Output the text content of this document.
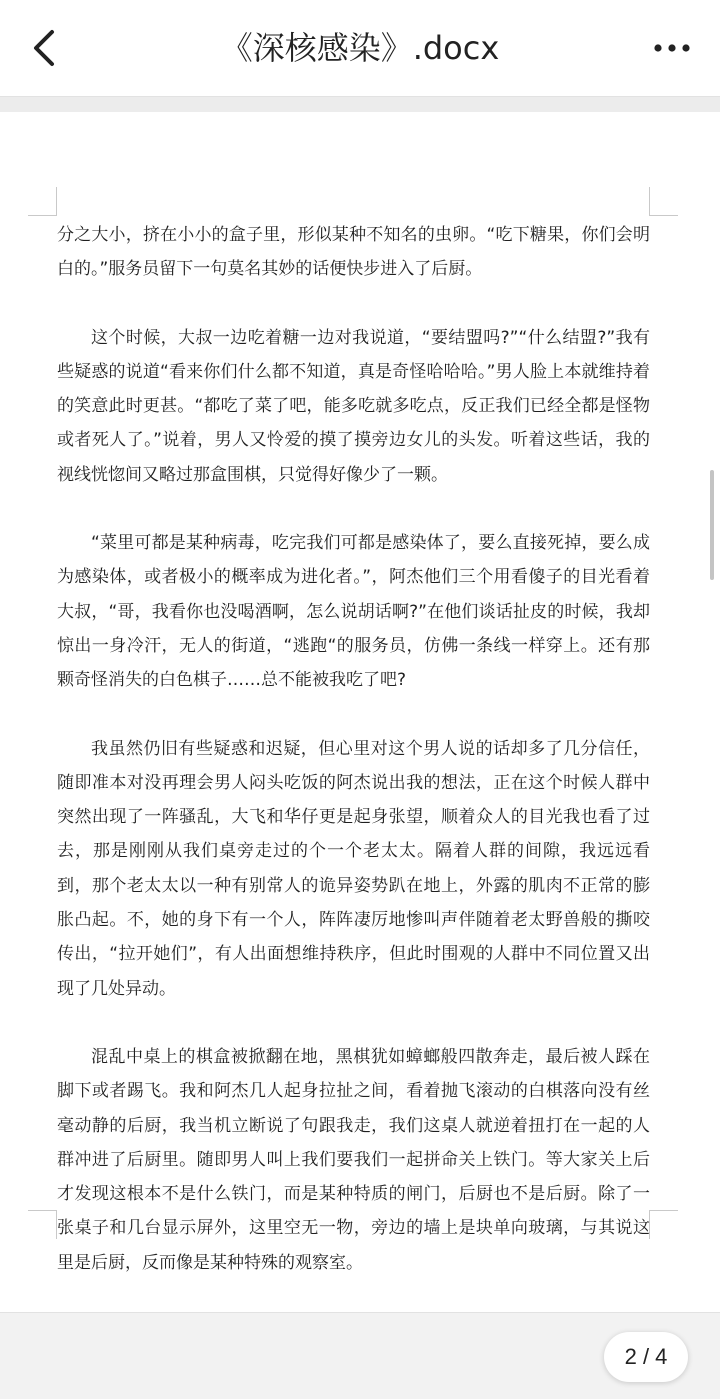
《深核感染》.docx

分之大小，挤在小小的盒子里，形似某种不知名的虫卵。“吃下糖果，你们会明白的。”服务员留下一句莫名其妙的话便快步进入了后厨。

这个时候，大叔一边吃着糖一边对我说道，“要结盟吗?”“什么结盟?”我有些疑惑的说道“看来你们什么都不知道，真是奇怪哈哈哈。”男人脸上本就维持着的笑意此时更甚。“都吃了菜了吧，能多吃就多吃点，反正我们已经全都是怪物或者死人了。”说着，男人又怜爱的摸了摸旁边女儿的头发。听着这些话，我的视线恍惚间又略过那盒围棋，只觉得好像少了一颗。

“菜里可都是某种病毒，吃完我们可都是感染体了，要么直接死掉，要么成为感染体，或者极小的概率成为进化者。”，阿杰他们三个用看傻子的目光看着大叔，“哥，我看你也没喝酒啊，怎么说胡话啊?”在他们谈话扯皮的时候，我却惊出一身冷汗，无人的街道，“逃跑“的服务员，仿佛一条线一样穿上。还有那颗奇怪消失的白色棋子……总不能被我吃了吧?

我虽然仍旧有些疑惑和迟疑，但心里对这个男人说的话却多了几分信任，随即准本对没再理会男人闷头吃饭的阿杰说出我的想法，正在这个时候人群中突然出现了一阵骚乱，大飞和华仔更是起身张望，顺着众人的目光我也看了过去，那是刚刚从我们桌旁走过的个一个老太太。隔着人群的间隙，我远远看到，那个老太太以一种有别常人的诡异姿势趴在地上，外露的肌肉不正常的膨胀凸起。不，她的身下有一个人，阵阵凄厉地惨叫声伴随着老太野兽般的撕咬传出，“拉开她们”，有人出面想维持秩序，但此时围观的人群中不同位置又出现了几处异动。

混乱中桌上的棋盒被掀翻在地，黑棋犹如蟑螂般四散奔走，最后被人踩在脚下或者踢飞。我和阿杰几人起身拉扯之间，看着抛飞滚动的白棋落向没有丝毫动静的后厨，我当机立断说了句跟我走，我们这桌人就逆着扭打在一起的人群冲进了后厨里。随即男人叫上我们要我们一起拼命关上铁门。等大家关上后才发现这根本不是什么铁门，而是某种特质的闸门，后厨也不是后厨。除了一张桌子和几台显示屏外，这里空无一物，旁边的墙上是块单向玻璃，与其说这里是后厨，反而像是某种特殊的观察室。

2 / 4
